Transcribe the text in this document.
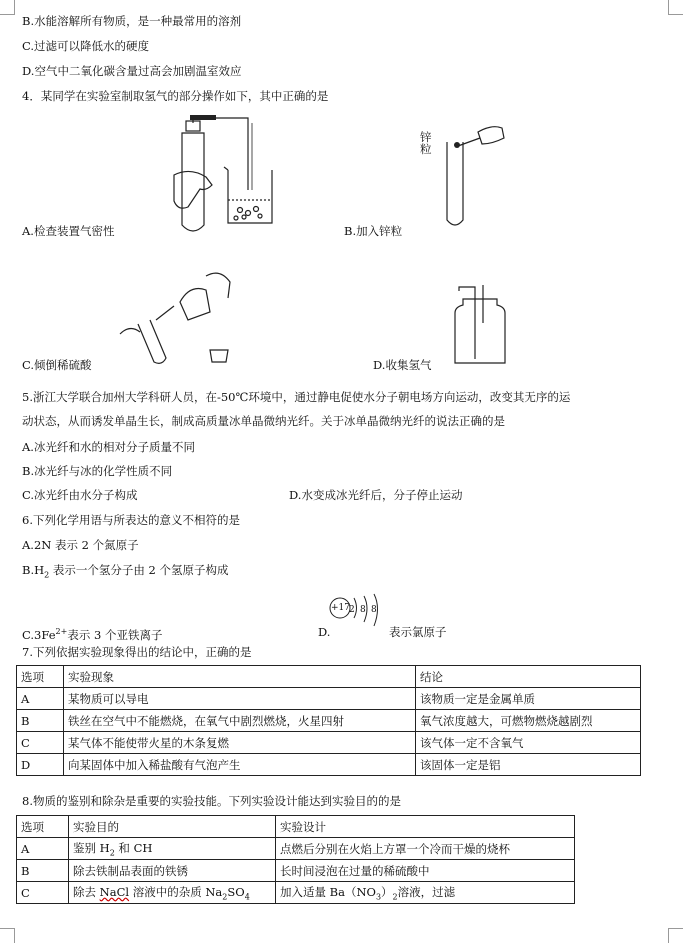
B.水能溶解所有物质，是一种最常用的溶剂
C.过滤可以降低水的硬度
D.空气中二氧化碳含量过高会加剧温室效应
4．某同学在实验室制取氢气的部分操作如下，其中正确的是
A.检查装置气密性
锌粒
B.加入锌粒
C.倾倒稀硫酸	D.收集氢气
5.浙江大学联合加州大学科研人员，在-50℃环境中，通过静电促使水分子朝电场方向运动，改变其无序的运
动状态，从而诱发单晶生长，制成高质量冰单晶微纳光纤。关于冰单晶微纳光纤的说法正确的是
A.冰光纤和水的相对分子质量不同
B.冰光纤与冰的化学性质不同
C.冰光纤由水分子构成	D.水变成冰光纤后，分子停止运动
6.下列化学用语与所表达的意义不相符的是
A.2N 表示 2 个氮原子
$B.H_2$ 表示一个氢分子由 2 个氢原子构成
+17 2 8 8
$C.3Fe^{2+}$表示 3 个亚铁离子	D.	表示氯原子
7.下列依据实验现象得出的结论中，正确的是
选项	实验现象	结论
A	某物质可以导电	该物质一定是金属单质
B	铁丝在空气中不能燃烧，在氧气中剧烈燃烧，火星四射	氧气浓度越大，可燃物燃烧越剧烈
C	某气体不能使带火星的木条复燃	该气体一定不含氧气
D	向某固体中加入稀盐酸有气泡产生	该固体一定是铝
8.物质的鉴别和除杂是重要的实验技能。下列实验设计能达到实验目的的是
选项	实验目的	实验设计
A	鉴别 $H_2$ 和 CH	点燃后分别在火焰上方罩一个冷而干燥的烧杯
B	除去铁制品表面的铁锈	长时间浸泡在过量的稀硫酸中
C	除去 NaCl 溶液中的杂质 $Na_2SO_4$	加入适量 $Ba(NO_3)_2$溶液，过滤
